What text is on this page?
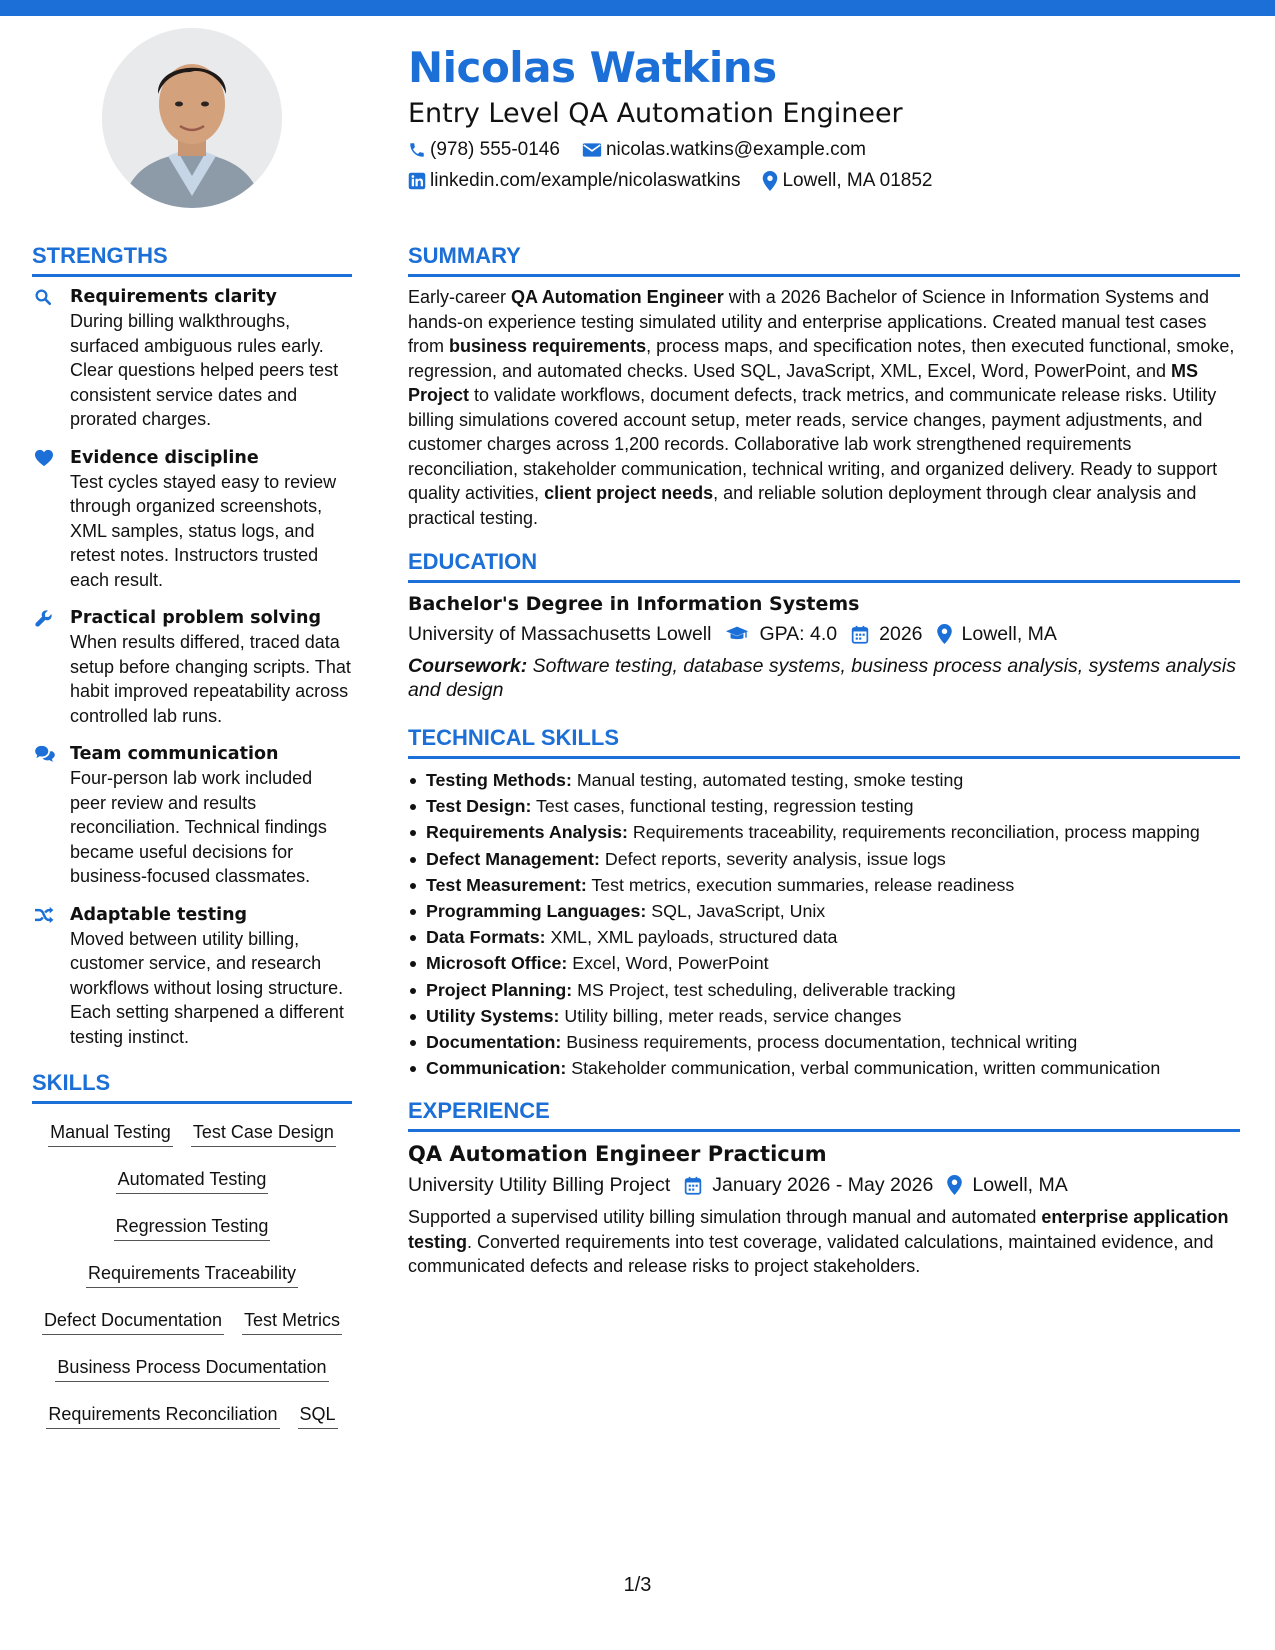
Nicolas Watkins
Entry Level QA Automation Engineer
(978) 555-0146 nicolas.watkins@example.com
linkedin.com/example/nicolaswatkins Lowell, MA 01852
STRENGTHS
Requirements clarity
During billing walkthroughs, surfaced ambiguous rules early. Clear questions helped peers test consistent service dates and prorated charges.
Evidence discipline
Test cycles stayed easy to review through organized screenshots, XML samples, status logs, and retest notes. Instructors trusted each result.
Practical problem solving
When results differed, traced data setup before changing scripts. That habit improved repeatability across controlled lab runs.
Team communication
Four-person lab work included peer review and results reconciliation. Technical findings became useful decisions for business-focused classmates.
Adaptable testing
Moved between utility billing, customer service, and research workflows without losing structure. Each setting sharpened a different testing instinct.
SKILLS
Manual Testing Test Case Design
Automated Testing
Regression Testing
Requirements Traceability
Defect Documentation Test Metrics
Business Process Documentation
Requirements Reconciliation SQL
SUMMARY
Early-career QA Automation Engineer with a 2026 Bachelor of Science in Information Systems and hands-on experience testing simulated utility and enterprise applications. Created manual test cases from business requirements, process maps, and specification notes, then executed functional, smoke, regression, and automated checks. Used SQL, JavaScript, XML, Excel, Word, PowerPoint, and MS Project to validate workflows, document defects, track metrics, and communicate release risks. Utility billing simulations covered account setup, meter reads, service changes, payment adjustments, and customer charges across 1,200 records. Collaborative lab work strengthened requirements reconciliation, stakeholder communication, technical writing, and organized delivery. Ready to support quality activities, client project needs, and reliable solution deployment through clear analysis and practical testing.
EDUCATION
Bachelor's Degree in Information Systems
University of Massachusetts Lowell GPA: 4.0 2026 Lowell, MA
Coursework: Software testing, database systems, business process analysis, systems analysis and design
TECHNICAL SKILLS
Testing Methods: Manual testing, automated testing, smoke testing
Test Design: Test cases, functional testing, regression testing
Requirements Analysis: Requirements traceability, requirements reconciliation, process mapping
Defect Management: Defect reports, severity analysis, issue logs
Test Measurement: Test metrics, execution summaries, release readiness
Programming Languages: SQL, JavaScript, Unix
Data Formats: XML, XML payloads, structured data
Microsoft Office: Excel, Word, PowerPoint
Project Planning: MS Project, test scheduling, deliverable tracking
Utility Systems: Utility billing, meter reads, service changes
Documentation: Business requirements, process documentation, technical writing
Communication: Stakeholder communication, verbal communication, written communication
EXPERIENCE
QA Automation Engineer Practicum
University Utility Billing Project January 2026 - May 2026 Lowell, MA
Supported a supervised utility billing simulation through manual and automated enterprise application testing. Converted requirements into test coverage, validated calculations, maintained evidence, and communicated defects and release risks to project stakeholders.
1/3
